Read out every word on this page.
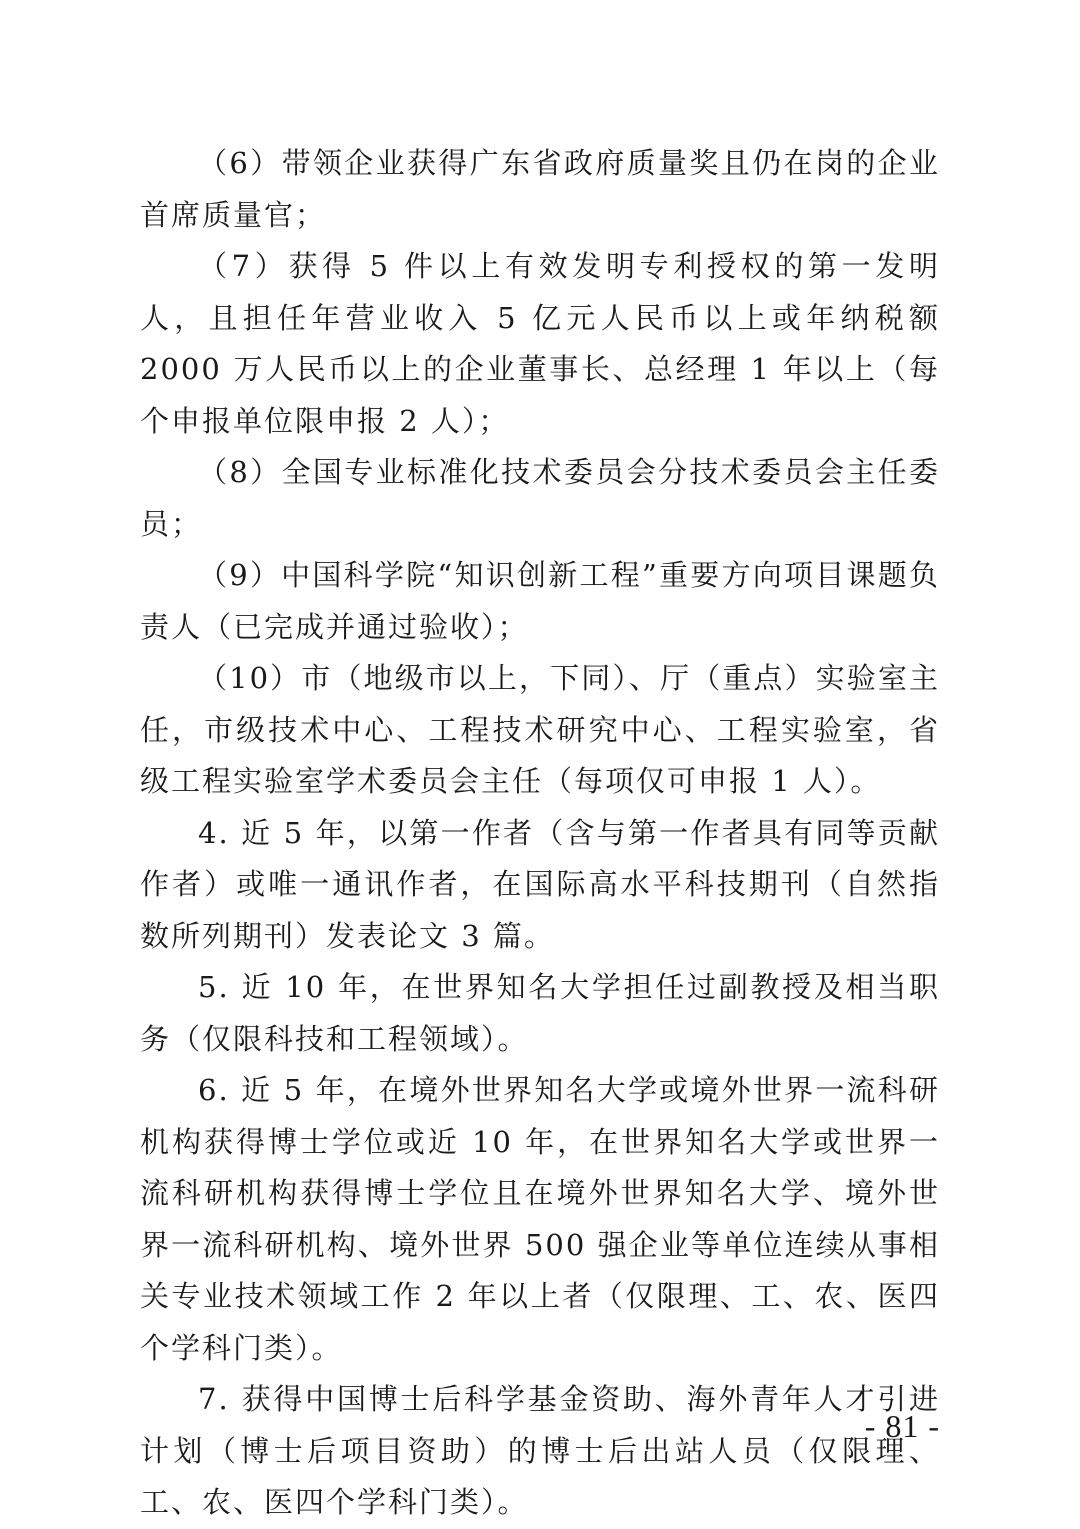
（6）带领企业获得广东省政府质量奖且仍在岗的企业首席质量官；

（7）获得 5 件以上有效发明专利授权的第一发明人，且担任年营业收入 5 亿元人民币以上或年纳税额 2000 万人民币以上的企业董事长、总经理 1 年以上（每个申报单位限申报 2 人）；

（8）全国专业标准化技术委员会分技术委员会主任委员；

（9）中国科学院“知识创新工程”重要方向项目课题负责人（已完成并通过验收）；

（10）市（地级市以上，下同）、厅（重点）实验室主任，市级技术中心、工程技术研究中心、工程实验室，省级工程实验室学术委员会主任（每项仅可申报 1 人）。

4. 近 5 年，以第一作者（含与第一作者具有同等贡献作者）或唯一通讯作者，在国际高水平科技期刊（自然指数所列期刊）发表论文 3 篇。

5. 近 10 年，在世界知名大学担任过副教授及相当职务（仅限科技和工程领域）。

6. 近 5 年，在境外世界知名大学或境外世界一流科研机构获得博士学位或近 10 年，在世界知名大学或世界一流科研机构获得博士学位且在境外世界知名大学、境外世界一流科研机构、境外世界 500 强企业等单位连续从事相关专业技术领域工作 2 年以上者（仅限理、工、农、医四个学科门类）。

7. 获得中国博士后科学基金资助、海外青年人才引进计划（博士后项目资助）的博士后出站人员（仅限理、工、农、医四个学科门类）。

- 81 -
